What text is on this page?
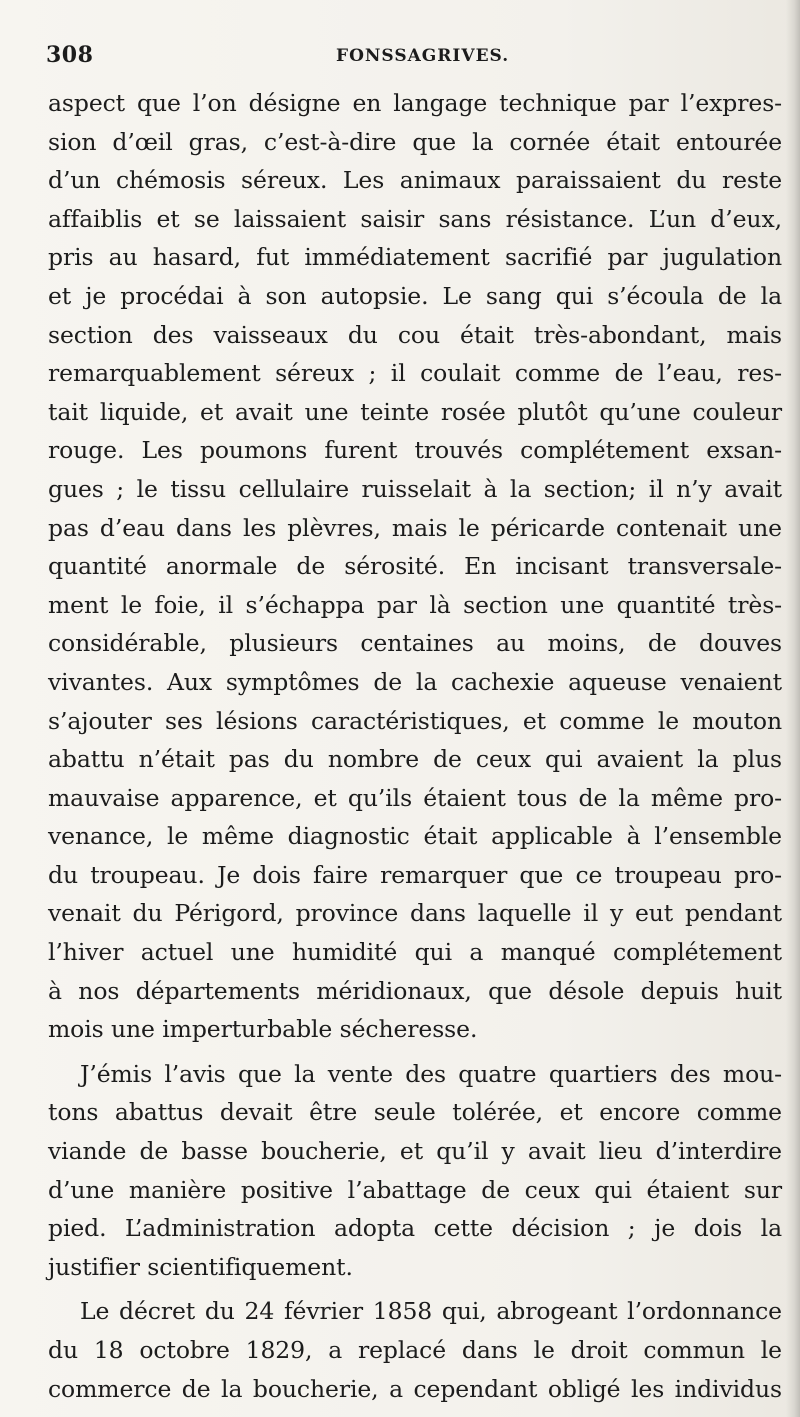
308	FONSSAGRIVES.
aspect que l’on désigne en langage technique par l’expres-
sion d’œil gras, c’est-à-dire que la cornée était entourée
d’un chémosis séreux. Les animaux paraissaient du reste
affaiblis et se laissaient saisir sans résistance. L’un d’eux,
pris au hasard, fut immédiatement sacrifié par jugulation
et je procédai à son autopsie. Le sang qui s’écoula de la
section des vaisseaux du cou était très-abondant, mais
remarquablement séreux ; il coulait comme de l’eau, res-
tait liquide, et avait une teinte rosée plutôt qu’une couleur
rouge. Les poumons furent trouvés complétement exsan-
gues ; le tissu cellulaire ruisselait à la section; il n’y avait
pas d’eau dans les plèvres, mais le péricarde contenait une
quantité anormale de sérosité. En incisant transversale-
ment le foie, il s’échappa par là section une quantité très-
considérable, plusieurs centaines au moins, de douves
vivantes. Aux symptômes de la cachexie aqueuse venaient
s’ajouter ses lésions caractéristiques, et comme le mouton
abattu n’était pas du nombre de ceux qui avaient la plus
mauvaise apparence, et qu’ils étaient tous de la même pro-
venance, le même diagnostic était applicable à l’ensemble
du troupeau. Je dois faire remarquer que ce troupeau pro-
venait du Périgord, province dans laquelle il y eut pendant
l’hiver actuel une humidité qui a manqué complétement
à nos départements méridionaux, que désole depuis huit
mois une imperturbable sécheresse.
J’émis l’avis que la vente des quatre quartiers des mou-
tons abattus devait être seule tolérée, et encore comme
viande de basse boucherie, et qu’il y avait lieu d’interdire
d’une manière positive l’abattage de ceux qui étaient sur
pied. L’administration adopta cette décision ; je dois la
justifier scientifiquement.
Le décret du 24 février 1858 qui, abrogeant l’ordonnance
du 18 octobre 1829, a replacé dans le droit commun le
commerce de la boucherie, a cependant obligé les individus
